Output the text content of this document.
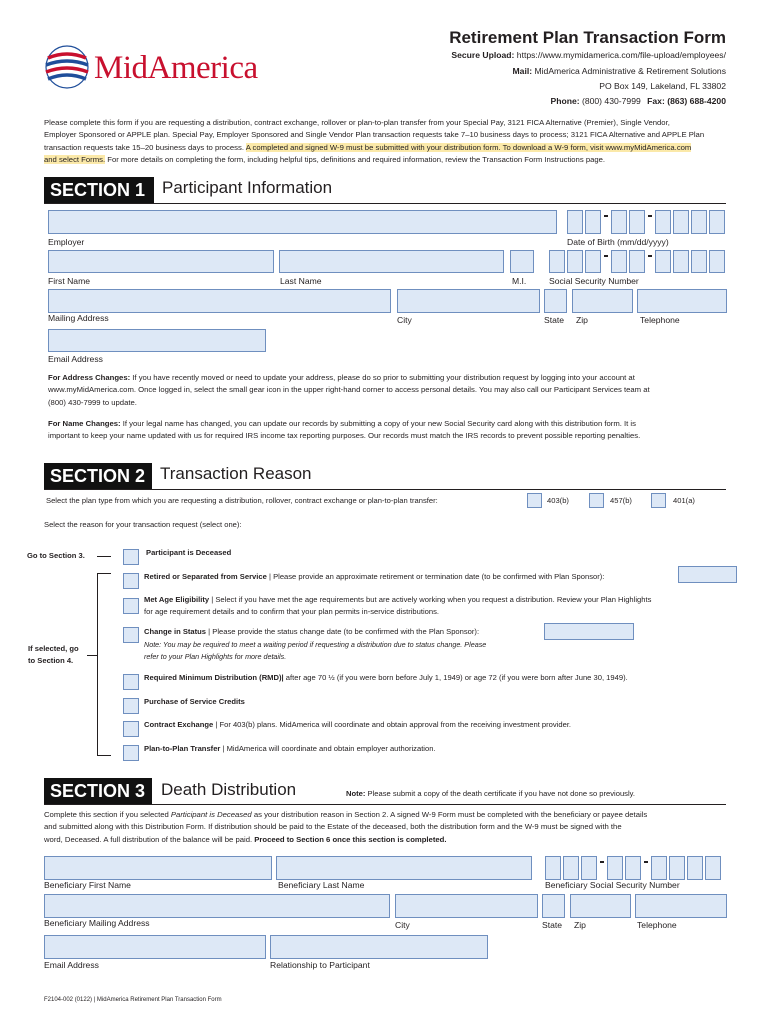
MidAmerica
Retirement Plan Transaction Form
Secure Upload: https://www.mymidamerica.com/file-upload/employees/
Mail: MidAmerica Administrative & Retirement Solutions
PO Box 149, Lakeland, FL 33802
Phone: (800) 430-7999 Fax: (863) 688-4200
Please complete this form if you are requesting a distribution, contract exchange, rollover or plan-to-plan transfer from your Special Pay, 3121 FICA Alternative (Premier), Single Vendor,
Employer Sponsored or APPLE plan. Special Pay, Employer Sponsored and Single Vendor Plan transaction requests take 7–10 business days to process; 3121 FICA Alternative and APPLE Plan
transaction requests take 15–20 business days to process. A completed and signed W-9 must be submitted with your distribution form. To download a W-9 form, visit www.myMidAmerica.com
and select Forms. For more details on completing the form, including helpful tips, definitions and required information, review the Transaction Form Instructions page.
SECTION 1 Participant Information
Employer	Date of Birth (mm/dd/yyyy)
First Name	Last Name	M.I.	Social Security Number
Mailing Address	City	State Zip	Telephone
Email Address
For Address Changes: If you have recently moved or need to update your address, please do so prior to submitting your distribution request by logging into your account at
www.myMidAmerica.com. Once logged in, select the small gear icon in the upper right-hand corner to access personal details. You may also call our Participant Services team at
(800) 430-7999 to update.
For Name Changes: If your legal name has changed, you can update our records by submitting a copy of your new Social Security card along with this distribution form. It is
important to keep your name updated with us for required IRS income tax reporting purposes. Our records must match the IRS records to prevent possible reporting penalties.
SECTION 2 Transaction Reason
Select the plan type from which you are requesting a distribution, rollover, contract exchange or plan-to-plan transfer:	403(b)	457(b)	401(a)
Select the reason for your transaction request (select one):
Go to Section 3.
If selected, go
to Section 4.
Participant is Deceased
Retired or Separated from Service | Please provide an approximate retirement or termination date (to be confirmed with Plan Sponsor):
Met Age Eligibility | Select if you have met the age requirements but are actively working when you request a distribution. Review your Plan Highlights
for age requirement details and to confirm that your plan permits in-service distributions.
Change in Status | Please provide the status change date (to be confirmed with the Plan Sponsor):
Note: You may be required to meet a waiting period if requesting a distribution due to status change. Please
refer to your Plan Highlights for more details.
Required Minimum Distribution (RMD)| after age 70 ½ (if you were born before July 1, 1949) or age 72 (if you were born after June 30, 1949).
Purchase of Service Credits
Contract Exchange | For 403(b) plans. MidAmerica will coordinate and obtain approval from the receiving investment provider.
Plan-to-Plan Transfer | MidAmerica will coordinate and obtain employer authorization.
SECTION 3 Death Distribution	Note: Please submit a copy of the death certificate if you have not done so previously.
Complete this section if you selected Participant is Deceased as your distribution reason in Section 2. A signed W-9 Form must be completed with the beneficiary or payee details
and submitted along with this Distribution Form. If distribution should be paid to the Estate of the deceased, both the distribution form and the W-9 must be signed with the
word, Deceased. A full distribution of the balance will be paid. Proceed to Section 6 once this section is completed.
Beneficiary First Name	Beneficiary Last Name	Beneficiary Social Security Number
Beneficiary Mailing Address	City	State Zip	Telephone
Email Address	Relationship to Participant
F2104-002 (0122) | MidAmerica Retirement Plan Transaction Form
